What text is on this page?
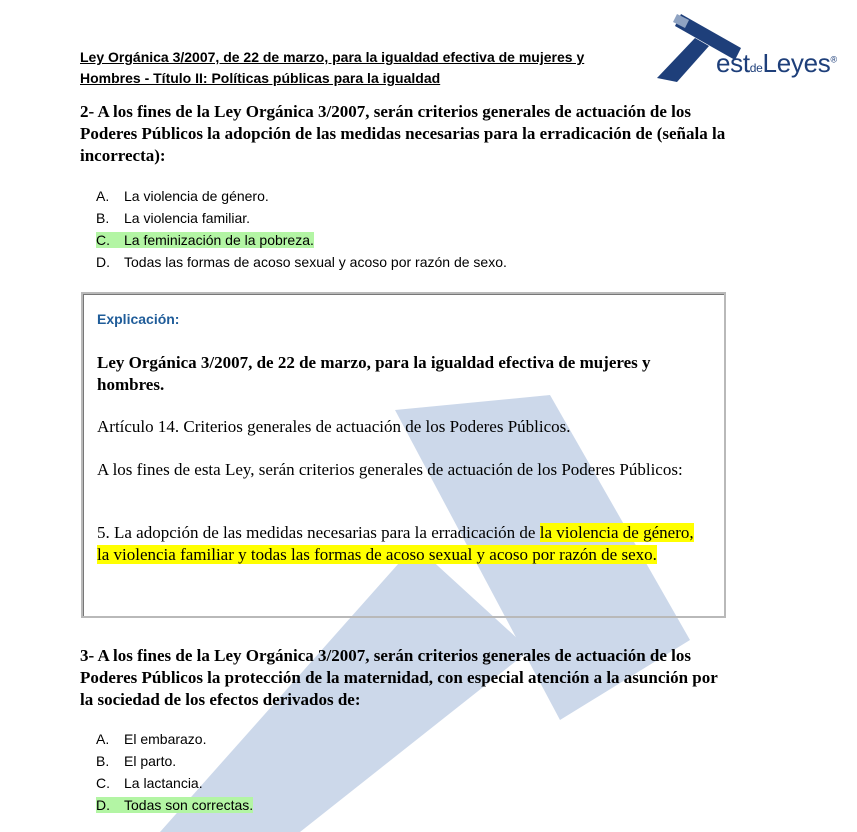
Ley Orgánica 3/2007, de 22 de marzo, para la igualdad efectiva de mujeres y
Hombres - Título II: Políticas públicas para la igualdad	estdeLeyes®
2- A los fines de la Ley Orgánica 3/2007, serán criterios generales de actuación de los Poderes Públicos la adopción de las medidas necesarias para la erradicación de (señala la incorrecta):
A. La violencia de género.
B. La violencia familiar.
C. La feminización de la pobreza.
D. Todas las formas de acoso sexual y acoso por razón de sexo.
Explicación:
Ley Orgánica 3/2007, de 22 de marzo, para la igualdad efectiva de mujeres y hombres.
Artículo 14. Criterios generales de actuación de los Poderes Públicos.
A los fines de esta Ley, serán criterios generales de actuación de los Poderes Públicos:
5. La adopción de las medidas necesarias para la erradicación de la violencia de género, la violencia familiar y todas las formas de acoso sexual y acoso por razón de sexo.
3- A los fines de la Ley Orgánica 3/2007, serán criterios generales de actuación de los Poderes Públicos la protección de la maternidad, con especial atención a la asunción por la sociedad de los efectos derivados de:
A. El embarazo.
B. El parto.
C. La lactancia.
D. Todas son correctas.
